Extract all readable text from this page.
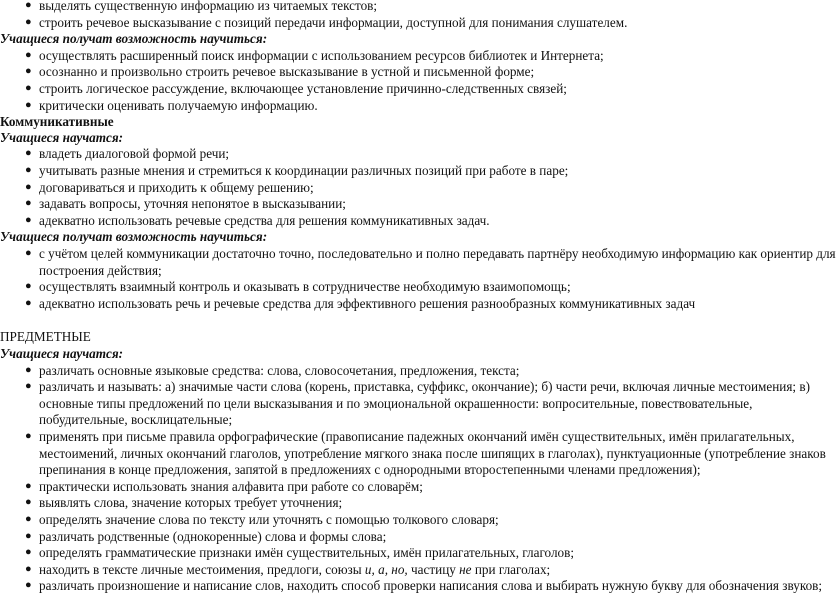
● выделять существенную информацию из читаемых текстов;
● строить речевое высказывание с позиций передачи информации, доступной для понимания слушателем.
Учащиеся получат возможность научиться:
● осуществлять расширенный поиск информации с использованием ресурсов библиотек и Интернета;
● осознанно и произвольно строить речевое высказывание в устной и письменной форме;
● строить логическое рассуждение, включающее установление причинно-следственных связей;
● критически оценивать получаемую информацию.
Коммуникативные
Учащиеся научатся:
● владеть диалоговой формой речи;
● учитывать разные мнения и стремиться к координации различных позиций при работе в паре;
● договариваться и приходить к общему решению;
● задавать вопросы, уточняя непонятое в высказывании;
● адекватно использовать речевые средства для решения коммуникативных задач.
Учащиеся получат возможность научиться:
● с учётом целей коммуникации достаточно точно, последовательно и полно передавать партнёру необходимую информацию как ориентир для
построения действия;
● осуществлять взаимный контроль и оказывать в сотрудничестве необходимую взаимопомощь;
● адекватно использовать речь и речевые средства для эффективного решения разнообразных коммуникативных задач
ПРЕДМЕТНЫЕ
Учащиеся научатся:
● различать основные языковые средства: слова, словосочетания, предложения, текста;
● различать и называть: а) значимые части слова (корень, приставка, суффикс, окончание); б) части речи, включая личные местоимения; в)
основные типы предложений по цели высказывания и по эмоциональной окрашенности: вопросительные, повествовательные,
побудительные, восклицательные;
● применять при письме правила орфографические (правописание падежных окончаний имён существительных, имён прилагательных,
местоимений, личных окончаний глаголов, употребление мягкого знака после шипящих в глаголах), пунктуационные (употребление знаков
препинания в конце предложения, запятой в предложениях с однородными второстепенными членами предложения);
● практически использовать знания алфавита при работе со словарём;
● выявлять слова, значение которых требует уточнения;
● определять значение слова по тексту или уточнять с помощью толкового словаря;
● различать родственные (однокоренные) слова и формы слова;
● определять грамматические признаки имён существительных, имён прилагательных, глаголов;
● находить в тексте личные местоимения, предлоги, союзы и, а, но, частицу не при глаголах;
● различать произношение и написание слов, находить способ проверки написания слова и выбирать нужную букву для обозначения звуков;
